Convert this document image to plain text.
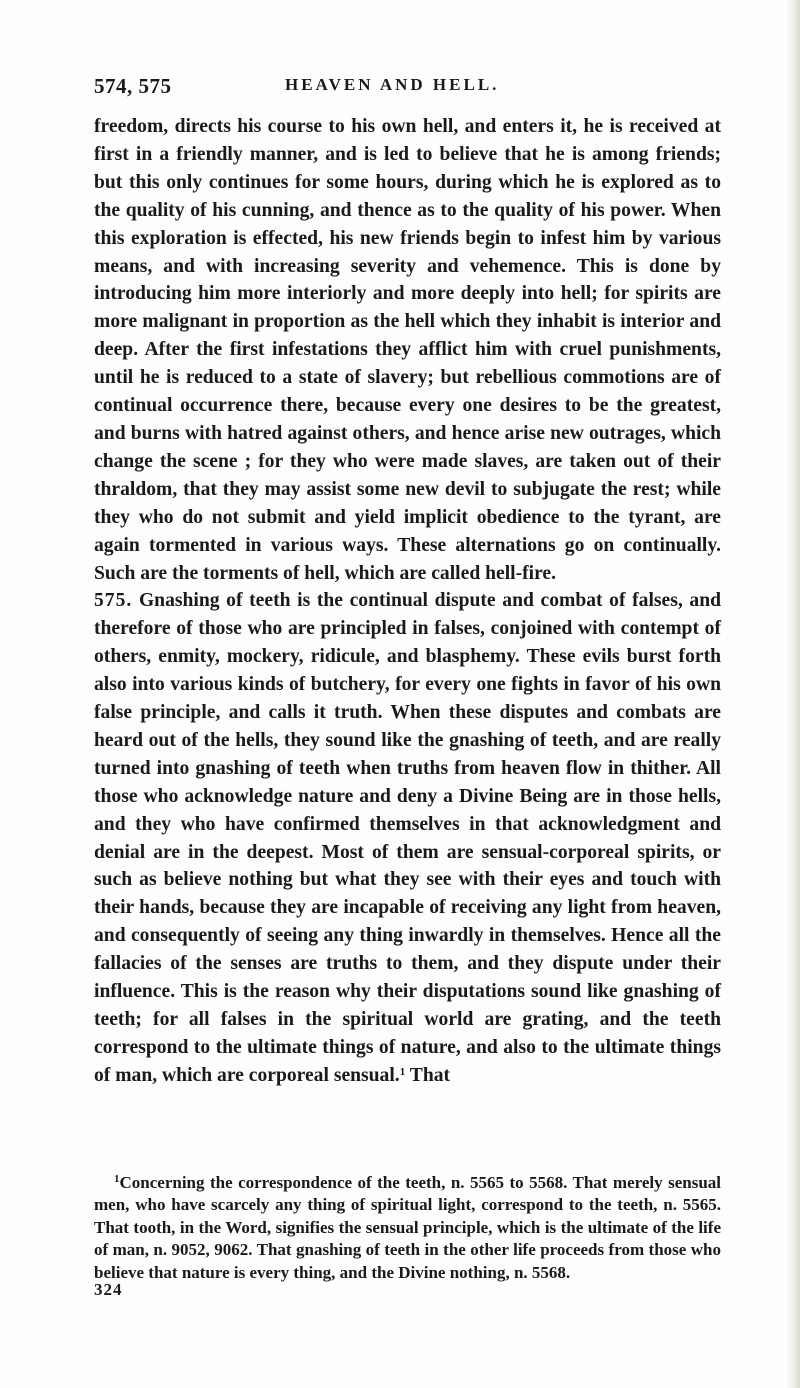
574, 575	HEAVEN AND HELL.

freedom, directs his course to his own hell, and enters it, he is received at first in a friendly manner, and is led to believe that he is among friends; but this only continues for some hours, during which he is explored as to the quality of his cunning, and thence as to the quality of his power. When this exploration is effected, his new friends begin to infest him by various means, and with increasing severity and vehemence. This is done by introducing him more interiorly and more deeply into hell; for spirits are more malignant in proportion as the hell which they inhabit is interior and deep. After the first infestations they afflict him with cruel punishments, until he is reduced to a state of slavery; but rebellious commotions are of continual occurrence there, because every one desires to be the greatest, and burns with hatred against others, and hence arise new outrages, which change the scene ; for they who were made slaves, are taken out of their thraldom, that they may assist some new devil to subjugate the rest; while they who do not submit and yield implicit obedience to the tyrant, are again tormented in various ways. These alternations go on continually. Such are the torments of hell, which are called hell-fire.

575. Gnashing of teeth is the continual dispute and combat of falses, and therefore of those who are principled in falses, conjoined with contempt of others, enmity, mockery, ridicule, and blasphemy. These evils burst forth also into various kinds of butchery, for every one fights in favor of his own false principle, and calls it truth. When these disputes and combats are heard out of the hells, they sound like the gnashing of teeth, and are really turned into gnashing of teeth when truths from heaven flow in thither. All those who acknowledge nature and deny a Divine Being are in those hells, and they who have confirmed themselves in that acknowledgment and denial are in the deepest. Most of them are sensual-corporeal spirits, or such as believe nothing but what they see with their eyes and touch with their hands, because they are incapable of receiving any light from heaven, and consequently of seeing any thing inwardly in themselves. Hence all the fallacies of the senses are truths to them, and they dispute under their influence. This is the reason why their disputations sound like gnashing of teeth; for all falses in the spiritual world are grating, and the teeth correspond to the ultimate things of nature, and also to the ultimate things of man, which are corporeal sensual.$^1$ That

$^1$Concerning the correspondence of the teeth, n. 5565 to 5568. That merely sensual men, who have scarcely any thing of spiritual light, correspond to the teeth, n. 5565. That tooth, in the Word, signifies the sensual principle, which is the ultimate of the life of man, n. 9052, 9062. That gnashing of teeth in the other life proceeds from those who believe that nature is every thing, and the Divine nothing, n. 5568.

324
